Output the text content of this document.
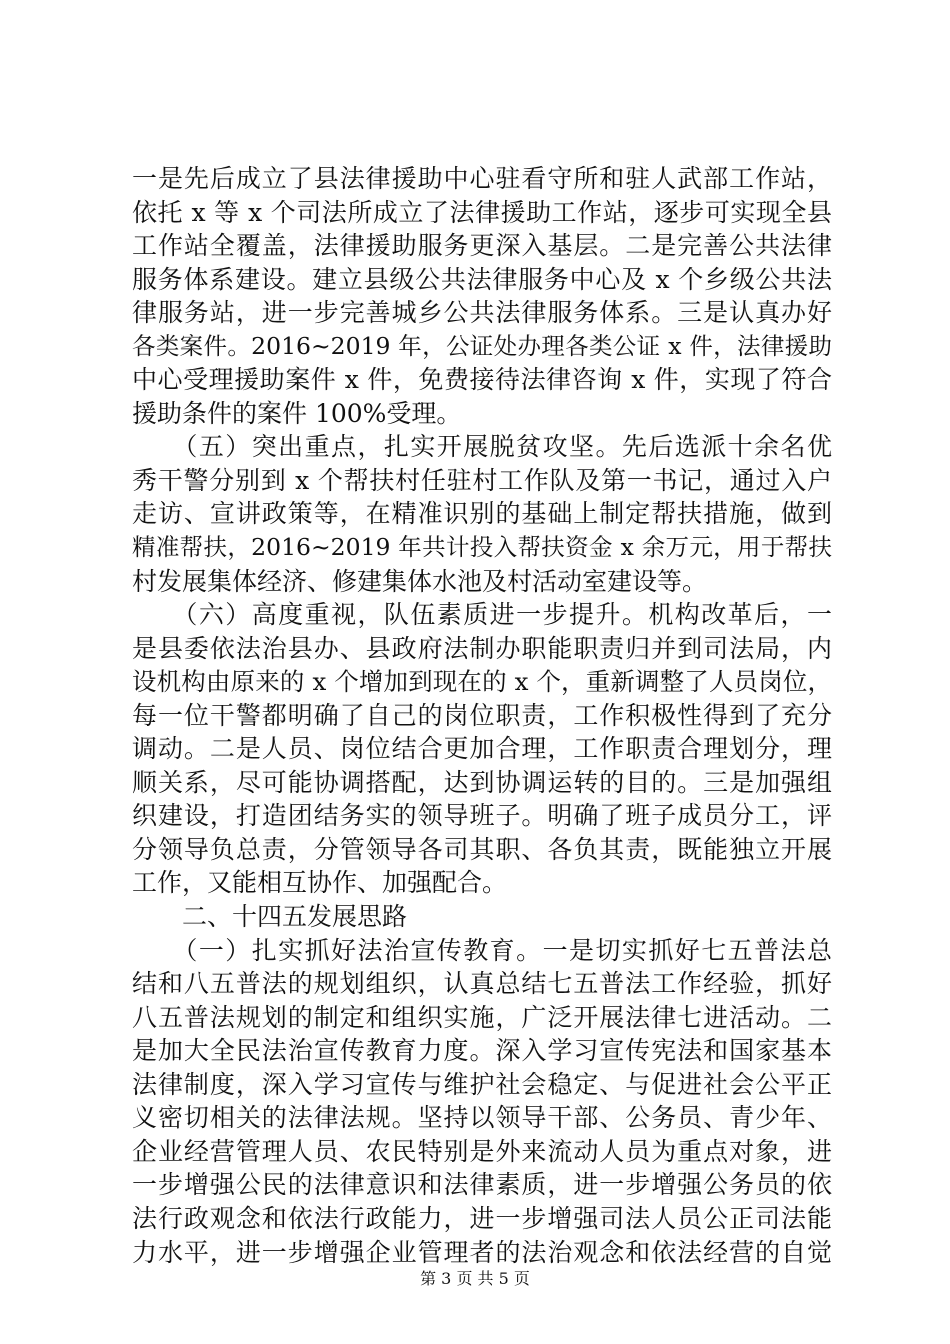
一是先后成立了县法律援助中心驻看守所和驻人武部工作站，
依托 x 等 x 个司法所成立了法律援助工作站，逐步可实现全县
工作站全覆盖，法律援助服务更深入基层。二是完善公共法律
服务体系建设。建立县级公共法律服务中心及 x 个乡级公共法
律服务站，进一步完善城乡公共法律服务体系。三是认真办好
各类案件。2016~2019 年，公证处办理各类公证 x 件，法律援助
中心受理援助案件 x 件，免费接待法律咨询 x 件，实现了符合
援助条件的案件 100%受理。
　　（五）突出重点，扎实开展脱贫攻坚。先后选派十余名优
秀干警分别到 x 个帮扶村任驻村工作队及第一书记，通过入户
走访、宣讲政策等，在精准识别的基础上制定帮扶措施，做到
精准帮扶，2016~2019 年共计投入帮扶资金 x 余万元，用于帮扶
村发展集体经济、修建集体水池及村活动室建设等。
　　（六）高度重视，队伍素质进一步提升。机构改革后，一
是县委依法治县办、县政府法制办职能职责归并到司法局，内
设机构由原来的 x 个增加到现在的 x 个，重新调整了人员岗位，
每一位干警都明确了自己的岗位职责，工作积极性得到了充分
调动。二是人员、岗位结合更加合理，工作职责合理划分，理
顺关系，尽可能协调搭配，达到协调运转的目的。三是加强组
织建设，打造团结务实的领导班子。明确了班子成员分工，评
分领导负总责，分管领导各司其职、各负其责，既能独立开展
工作，又能相互协作、加强配合。
　　二、十四五发展思路
　　（一）扎实抓好法治宣传教育。一是切实抓好七五普法总
结和八五普法的规划组织，认真总结七五普法工作经验，抓好
八五普法规划的制定和组织实施，广泛开展法律七进活动。二
是加大全民法治宣传教育力度。深入学习宣传宪法和国家基本
法律制度，深入学习宣传与维护社会稳定、与促进社会公平正
义密切相关的法律法规。坚持以领导干部、公务员、青少年、
企业经营管理人员、农民特别是外来流动人员为重点对象，进
一步增强公民的法律意识和法律素质，进一步增强公务员的依
法行政观念和依法行政能力，进一步增强司法人员公正司法能
力水平，进一步增强企业管理者的法治观念和依法经营的自觉
第 3 页 共 5 页
